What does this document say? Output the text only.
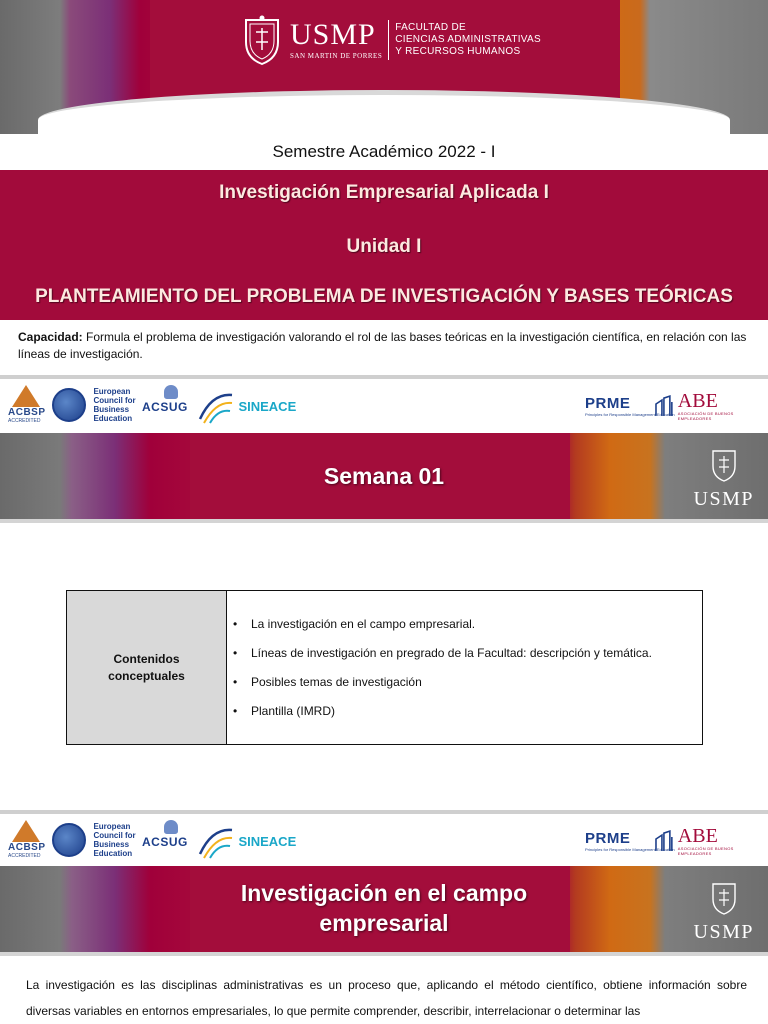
USMP
SAN MARTIN DE PORRES
FACULTAD DE
CIENCIAS ADMINISTRATIVAS
Y RECURSOS HUMANOS
Semestre Académico 2022 - I
Investigación Empresarial Aplicada I
Unidad I
PLANTEAMIENTO DEL PROBLEMA DE INVESTIGACIÓN Y BASES TEÓRICAS
Capacidad: Formula el problema de investigación valorando el rol de las bases teóricas en la investigación científica, en relación con las líneas de investigación.
ACBSP
ACCREDITED
European
Council for
Business
Education
ACSUG	SINEACE	PRME
Principles for Responsible Management Education
ABE
ASOCIACIÓN DE BUENOS EMPLEADORES
Semana 01
USMP
Contenidos conceptuales
•	La investigación en el campo empresarial.
•	Líneas de investigación en pregrado de la Facultad: descripción y temática.
•	Posibles temas de investigación
•	Plantilla (IMRD)
ACBSP
ACCREDITED
European
Council for
Business
Education
ACSUG	SINEACE	PRME
Principles for Responsible Management Education
ABE
ASOCIACIÓN DE BUENOS EMPLEADORES
Investigación en el campo
empresarial	USMP
La investigación es las disciplinas administrativas es un proceso que, aplicando el método científico, obtiene información sobre diversas variables en entornos empresariales, lo que permite comprender, describir, interrelacionar o determinar las
